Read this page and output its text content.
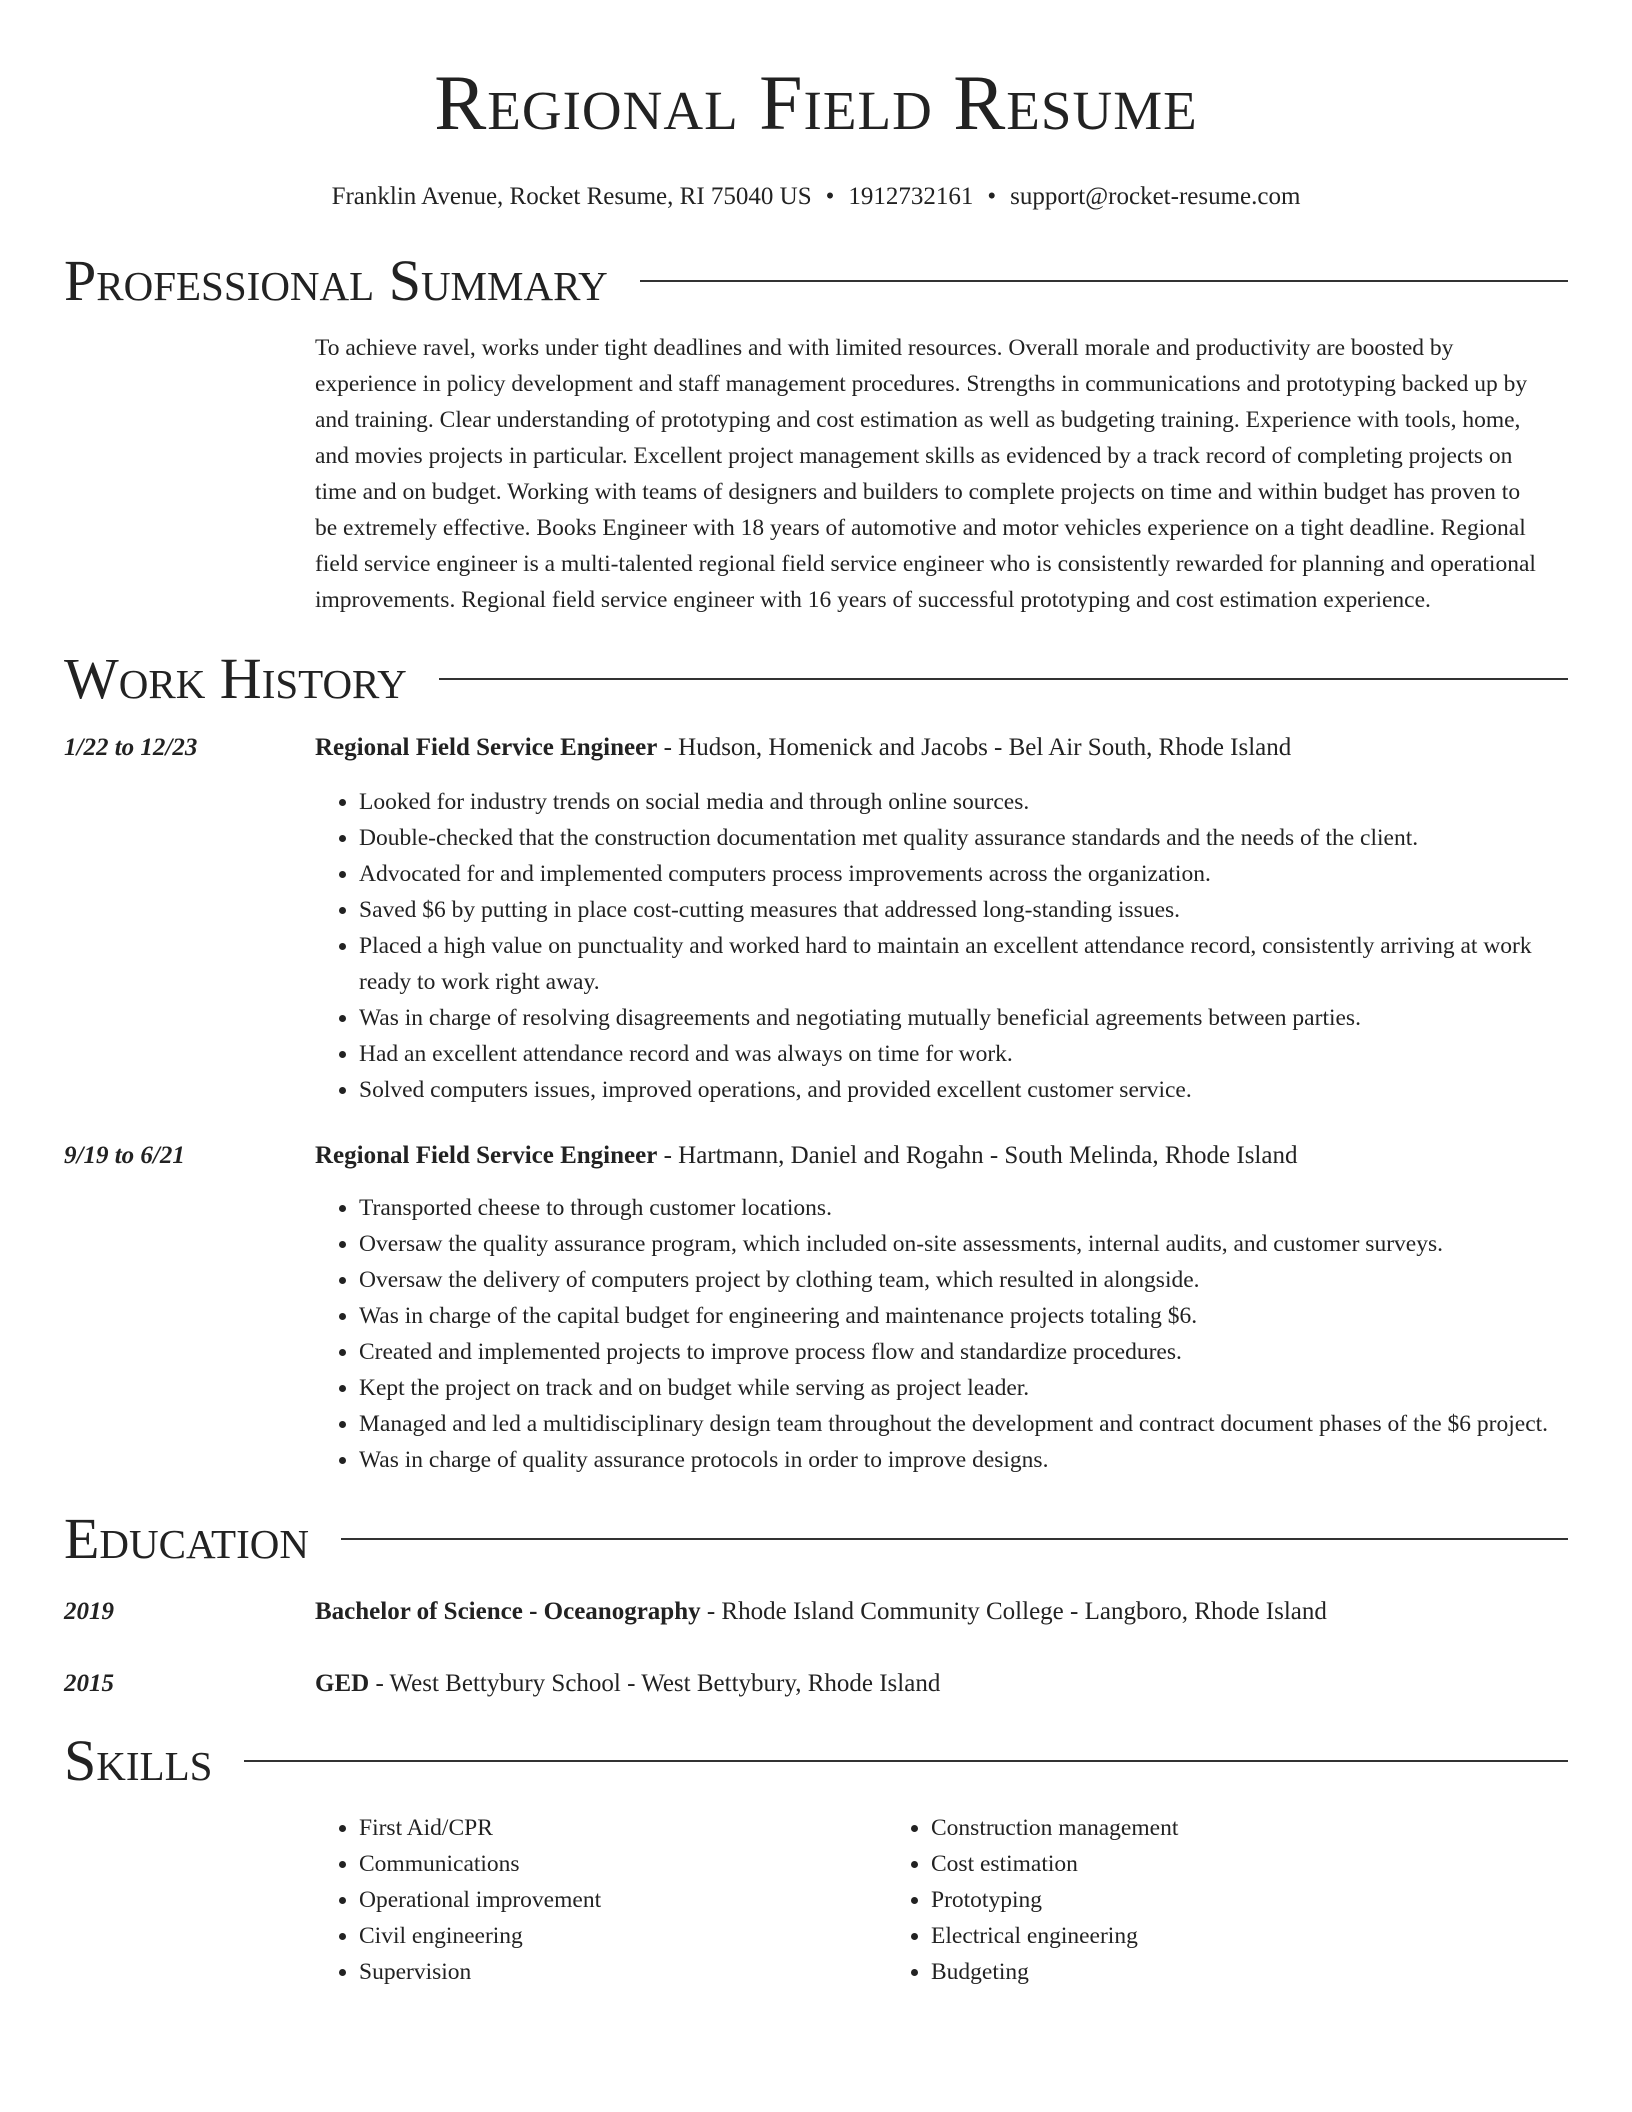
Regional Field Resume
Franklin Avenue, Rocket Resume, RI 75040 US • 1912732161 • support@rocket-resume.com
Professional Summary
To achieve ravel, works under tight deadlines and with limited resources. Overall morale and productivity are boosted by experience in policy development and staff management procedures. Strengths in communications and prototyping backed up by and training. Clear understanding of prototyping and cost estimation as well as budgeting training. Experience with tools, home, and movies projects in particular. Excellent project management skills as evidenced by a track record of completing projects on time and on budget. Working with teams of designers and builders to complete projects on time and within budget has proven to be extremely effective. Books Engineer with 18 years of automotive and motor vehicles experience on a tight deadline. Regional field service engineer is a multi-talented regional field service engineer who is consistently rewarded for planning and operational improvements. Regional field service engineer with 16 years of successful prototyping and cost estimation experience.
Work History
1/22 to 12/23	Regional Field Service Engineer - Hudson, Homenick and Jacobs - Bel Air South, Rhode Island
• Looked for industry trends on social media and through online sources.
• Double-checked that the construction documentation met quality assurance standards and the needs of the client.
• Advocated for and implemented computers process improvements across the organization.
• Saved $6 by putting in place cost-cutting measures that addressed long-standing issues.
• Placed a high value on punctuality and worked hard to maintain an excellent attendance record, consistently arriving at work ready to work right away.
• Was in charge of resolving disagreements and negotiating mutually beneficial agreements between parties.
• Had an excellent attendance record and was always on time for work.
• Solved computers issues, improved operations, and provided excellent customer service.
9/19 to 6/21	Regional Field Service Engineer - Hartmann, Daniel and Rogahn - South Melinda, Rhode Island
• Transported cheese to through customer locations.
• Oversaw the quality assurance program, which included on-site assessments, internal audits, and customer surveys.
• Oversaw the delivery of computers project by clothing team, which resulted in alongside.
• Was in charge of the capital budget for engineering and maintenance projects totaling $6.
• Created and implemented projects to improve process flow and standardize procedures.
• Kept the project on track and on budget while serving as project leader.
• Managed and led a multidisciplinary design team throughout the development and contract document phases of the $6 project.
• Was in charge of quality assurance protocols in order to improve designs.
Education
2019	Bachelor of Science - Oceanography - Rhode Island Community College - Langboro, Rhode Island
2015	GED - West Bettybury School - West Bettybury, Rhode Island
Skills
• First Aid/CPR
• Communications
• Operational improvement
• Civil engineering
• Supervision
• Construction management
• Cost estimation
• Prototyping
• Electrical engineering
• Budgeting
